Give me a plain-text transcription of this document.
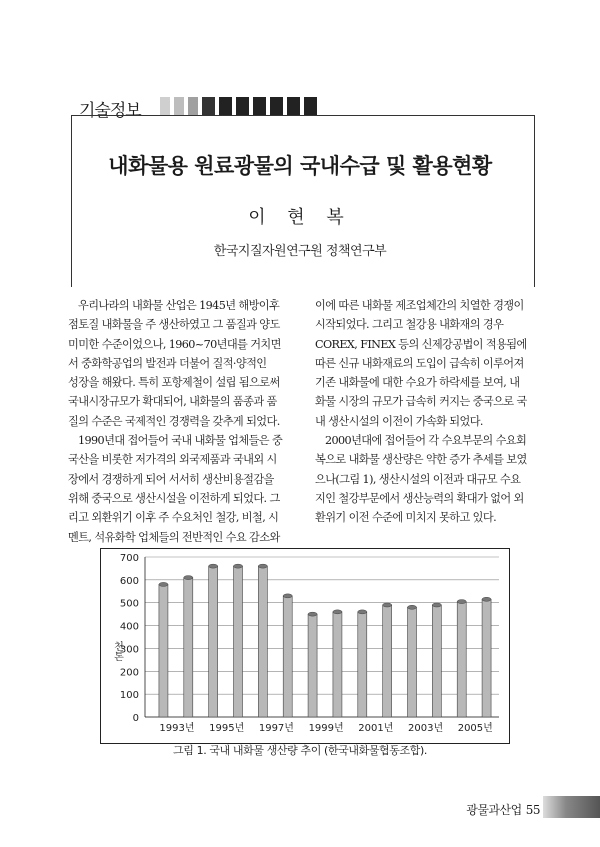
기술정보
내화물용 원료광물의 국내수급 및 활용현황
이 현 복
한국지질자원연구원 정책연구부
우리나라의 내화물 산업은 1945년 해방이후
점토질 내화물을 주 생산하였고 그 품질과 양도
미미한 수준이었으나, 1960~70년대를 거치면
서 중화학공업의 발전과 더불어 질적·양적인
성장을 해왔다. 특히 포항제철이 설립 됨으로써
국내시장규모가 확대되어, 내화물의 품종과 품
질의 수준은 국제적인 경쟁력을 갖추게 되었다.
1990년대 접어들어 국내 내화물 업체들은 중
국산을 비롯한 저가격의 외국제품과 국내외 시
장에서 경쟁하게 되어 서서히 생산비용절감을
위해 중국으로 생산시설을 이전하게 되었다. 그
리고 외환위기 이후 주 수요처인 철강, 비철, 시
멘트, 석유화학 업체들의 전반적인 수요 감소와
이에 따른 내화물 제조업체간의 치열한 경쟁이
시작되었다. 그리고 철강용 내화재의 경우
COREX, FINEX 등의 신제강공법이 적용됨에
따른 신규 내화재료의 도입이 급속히 이루어져
기존 내화물에 대한 수요가 하락세를 보여, 내
화물 시장의 규모가 급속히 커지는 중국으로 국
내 생산시설의 이전이 가속화 되었다.
2000년대에 접어들어 각 수요부문의 수요회
복으로 내화물 생산량은 약한 증가 추세를 보였
으나(그림 1), 생산시설의 이전과 대규모 수요
지인 철강부문에서 생산능력의 확대가 없어 외
환위기 이전 수준에 미치지 못하고 있다.
0
100
200
300
400
500
600
700
천톤
1993년 1995년 1997년 1999년 2001년 2003년 2005년
그림 1. 국내 내화물 생산량 추이 (한국내화물협동조합).
광물과산업 55
